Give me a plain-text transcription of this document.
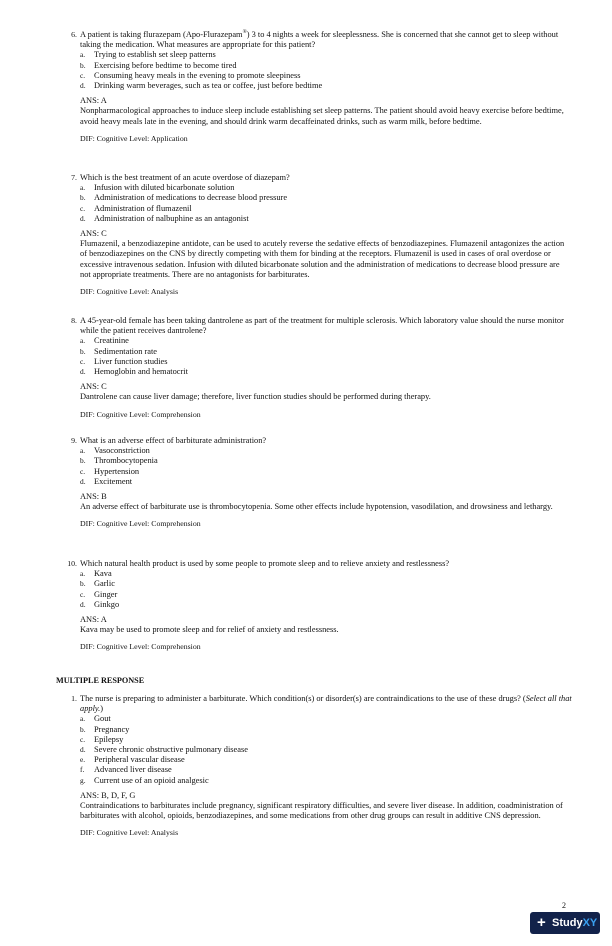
6. A patient is taking flurazepam (Apo-Flurazepam®) 3 to 4 nights a week for sleeplessness. She is concerned that she cannot get to sleep without taking the medication. What measures are appropriate for this patient?
a.	Trying to establish set sleep patterns
b.	Exercising before bedtime to become tired
c.	Consuming heavy meals in the evening to promote sleepiness
d.	Drinking warm beverages, such as tea or coffee, just before bedtime
ANS: A
Nonpharmacological approaches to induce sleep include establishing set sleep patterns. The patient should avoid heavy exercise before bedtime, avoid heavy meals late in the evening, and should drink warm decaffeinated drinks, such as warm milk, before bedtime.
DIF: Cognitive Level: Application
7. Which is the best treatment of an acute overdose of diazepam?
a.	Infusion with diluted bicarbonate solution
b.	Administration of medications to decrease blood pressure
c.	Administration of flumazenil
d.	Administration of nalbuphine as an antagonist
ANS: C
Flumazenil, a benzodiazepine antidote, can be used to acutely reverse the sedative effects of benzodiazepines. Flumazenil antagonizes the action of benzodiazepines on the CNS by directly competing with them for binding at the receptors. Flumazenil is used in cases of oral overdose or excessive intravenous sedation. Infusion with diluted bicarbonate solution and the administration of medications to decrease blood pressure are not appropriate treatments. There are no antagonists for barbiturates.
DIF: Cognitive Level: Analysis
8. A 45-year-old female has been taking dantrolene as part of the treatment for multiple sclerosis. Which laboratory value should the nurse monitor while the patient receives dantrolene?
a.	Creatinine
b.	Sedimentation rate
c.	Liver function studies
d.	Hemoglobin and hematocrit
ANS: C
Dantrolene can cause liver damage; therefore, liver function studies should be performed during therapy.
DIF: Cognitive Level: Comprehension
9. What is an adverse effect of barbiturate administration?
a.	Vasoconstriction
b.	Thrombocytopenia
c.	Hypertension
d.	Excitement
ANS: B
An adverse effect of barbiturate use is thrombocytopenia. Some other effects include hypotension, vasodilation, and drowsiness and lethargy.
DIF: Cognitive Level: Comprehension
10. Which natural health product is used by some people to promote sleep and to relieve anxiety and restlessness?
a.	Kava
b.	Garlic
c.	Ginger
d.	Ginkgo
ANS: A
Kava may be used to promote sleep and for relief of anxiety and restlessness.
DIF: Cognitive Level: Comprehension
MULTIPLE RESPONSE
1. The nurse is preparing to administer a barbiturate. Which condition(s) or disorder(s) are contraindications to the use of these drugs? (Select all that apply.)
a.	Gout
b.	Pregnancy
c.	Epilepsy
d.	Severe chronic obstructive pulmonary disease
e.	Peripheral vascular disease
f.	Advanced liver disease
g.	Current use of an opioid analgesic
ANS: B, D, F, G
Contraindications to barbiturates include pregnancy, significant respiratory difficulties, and severe liver disease. In addition, coadministration of barbiturates with alcohol, opioids, benzodiazepines, and some medications from other drug groups can result in additive CNS depression.
DIF: Cognitive Level: Analysis
2
+ StudyXY
